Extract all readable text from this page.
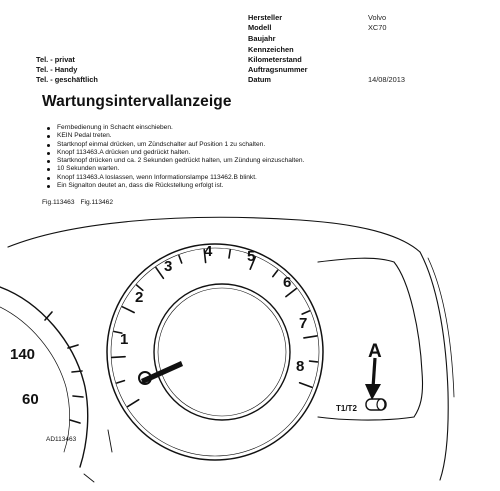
Hersteller	Volvo
Modell	XC70
Baujahr
Kennzeichen
Kilometerstand
Auftragsnummer
Datum	14/08/2013
Tel. - privat
Tel. - Handy
Tel. - geschäftlich
Wartungsintervallanzeige
Fernbedienung in Schacht einschieben.
KEIN Pedal treten.
Startknopf einmal drücken, um Zündschalter auf Position 1 zu schalten.
Knopf 113463.A drücken und gedrückt halten.
Startknopf drücken und ca. 2 Sekunden gedrückt halten, um Zündung einzuschalten.
10 Sekunden warten.
Knopf 113463.A loslassen, wenn Informationslampe 113462.B blinkt.
Ein Signalton deutet an, dass die Rückstellung erfolgt ist.
Fig.113463 Fig.113462
1
2
3
4 5
6
7
8
140
60
T1/T2
A
AD113463
